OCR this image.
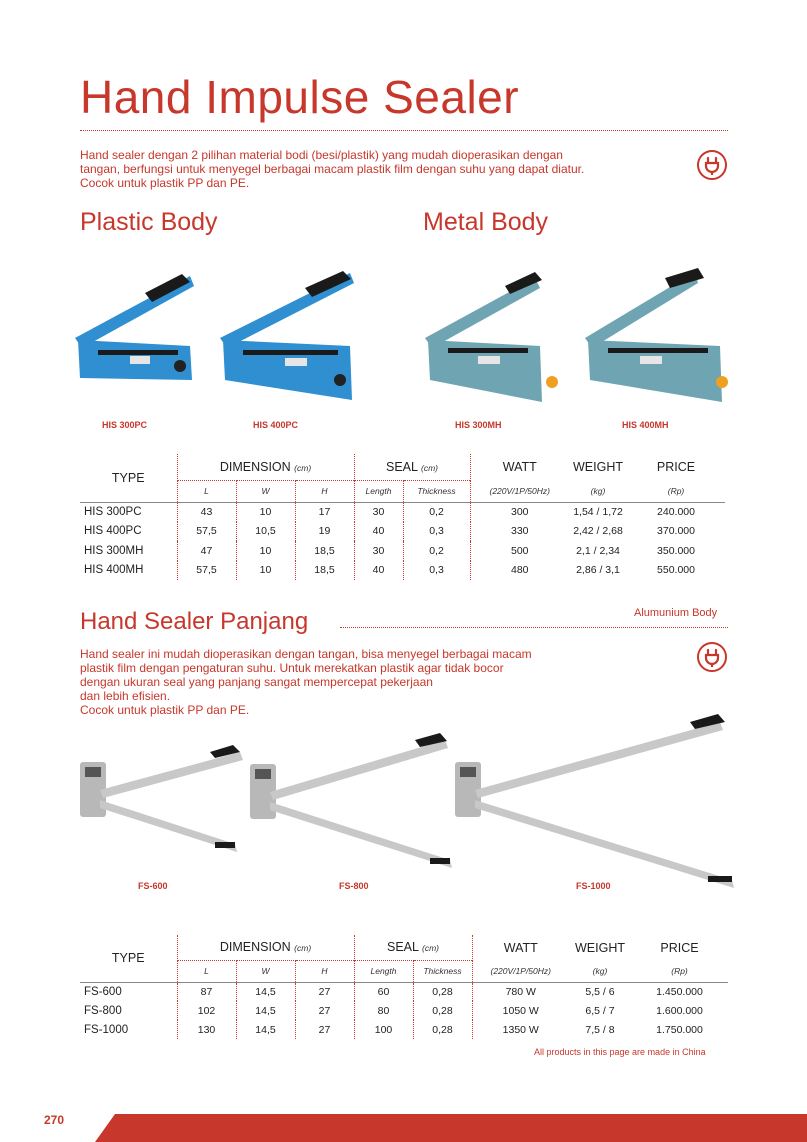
Hand Impulse Sealer
Hand sealer dengan 2 pilihan material bodi (besi/plastik) yang mudah dioperasikan dengan tangan, berfungsi untuk menyegel berbagai macam plastik film dengan suhu yang dapat diatur. Cocok untuk plastik PP dan PE.
Plastic Body	Metal Body
HIS 300PC	HIS 400PC	HIS 300MH	HIS 400MH
TYPE	DIMENSION (cm)			SEAL (cm)		WATT	WEIGHT	PRICE
	L	W	H	Length	Thickness	(220V/1P/50Hz)	(kg)	(Rp)
HIS 300PC	43	10	17	30	0,2	300	1,54 / 1,72	240.000
HIS 400PC	57,5	10,5	19	40	0,3	330	2,42 / 2,68	370.000
HIS 300MH	47	10	18,5	30	0,2	500	2,1 / 2,34	350.000
HIS 400MH	57,5	10	18,5	40	0,3	480	2,86 / 3,1	550.000
Hand Sealer Panjang	Alumunium Body
Hand sealer ini mudah dioperasikan dengan tangan, bisa menyegel berbagai macam
plastik film dengan pengaturan suhu. Untuk merekatkan plastik agar tidak bocor
dengan ukuran seal yang panjang sangat mempercepat pekerjaan
dan lebih efisien.
Cocok untuk plastik PP dan PE.
FS-600	FS-800	FS-1000
TYPE	DIMENSION (cm)			SEAL (cm)		WATT	WEIGHT	PRICE
	L	W	H	Length	Thickness	(220V/1P/50Hz)	(kg)	(Rp)
FS-600	87	14,5	27	60	0,28	780 W	5,5 / 6	1.450.000
FS-800	102	14,5	27	80	0,28	1050 W	6,5 / 7	1.600.000
FS-1000	130	14,5	27	100	0,28	1350 W	7,5 / 8	1.750.000
All products in this page are made in China
270
